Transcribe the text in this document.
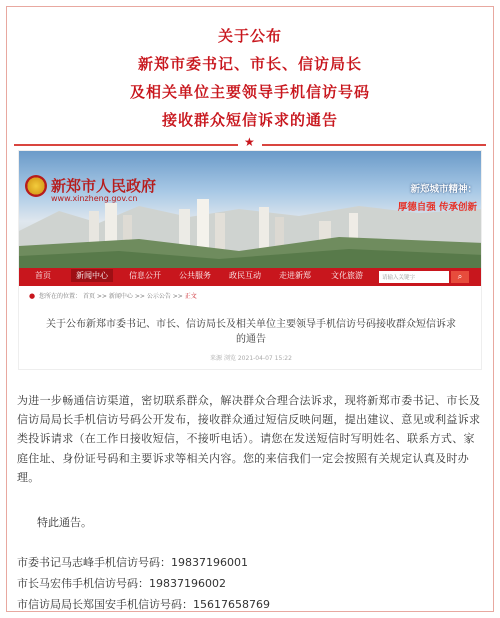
关于公布
新郑市委书记、市长、信访局长
及相关单位主要领导手机信访号码
接收群众短信诉求的通告
★
新郑市人民政府
www.xinzheng.gov.cn
新郑城市精神：
厚德自强 传承创新
首页	新闻中心	信息公开 公共服务 政民互动 走进新郑	文化旅游	请输入关键字	⌕
● 您所在的位置： 首页 >> 新闻中心 >> 公示公告 >> 正文
关于公布新郑市委书记、市长、信访局长及相关单位主要领导手机信访号码接收群众短信诉求的通告
来源 浏览 2021-04-07 15:22
为进一步畅通信访渠道，密切联系群众，解决群众合理合法诉求，现将新郑市委书记、市长及信访局局长手机信访号码公开发布，接收群众通过短信反映问题，提出建议、意见或利益诉求类投诉请求（在工作日接收短信，不接听电话）。请您在发送短信时写明姓名、联系方式、家庭住址、身份证号码和主要诉求等相关内容。您的来信我们一定会按照有关规定认真及时办理。
特此通告。
市委书记马志峰手机信访号码：19837196001
市长马宏伟手机信访号码：19837196002
市信访局局长郑国安手机信访号码：15617658769
